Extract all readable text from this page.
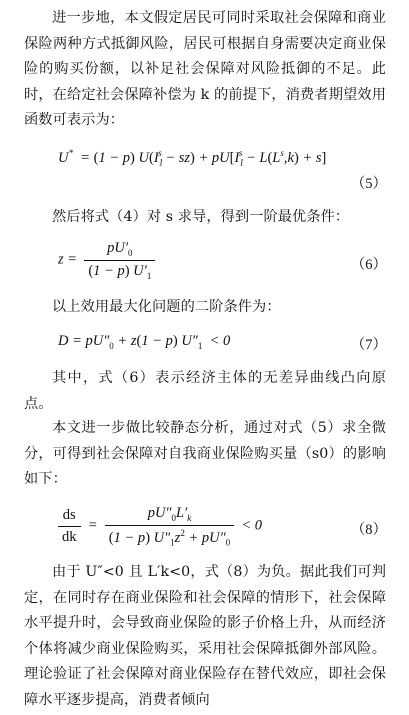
进一步地，本文假定居民可同时采取社会保障和商业保险两种方式抵御风险，居民可根据自身需要决定商业保险的购买份额，以补足社会保障对风险抵御的不足。此时，在给定社会保障补偿为 k 的前提下，消费者期望效用函数可表示为：
U*  = (1 − p) $U(I_1^s - sz) + pU[I_1^s - L(L^s,k) + s]$
（5）
然后将式（4）对 s 求导，得到一阶最优条件：
$z = \frac{pU'_0}{(1 - p) U'_1}$	（6）
以上效用最大化问题的二阶条件为：
$D = pU''_0 + z(1 - p) U''_1 < 0$	（7）
其中，式（6）表示经济主体的无差异曲线凸向原点。
本文进一步做比较静态分析，通过对式（5）求全微分，可得到社会保障对自我商业保险购买量（s0）的影响如下：
$\frac{ds}{dk} = \frac{pU''_0L'_k}{(1 - p) U''_1z^2 + pU''_0} < 0$	（8）
由于 U″<0 且 L′k<0，式（8）为负。据此我们可判定，在同时存在商业保险和社会保障的情形下，社会保障水平提升时，会导致商业保险的影子价格上升，从而经济个体将减少商业保险购买，采用社会保障抵御外部风险。理论验证了社会保障对商业保险存在替代效应，即社会保障水平逐步提高，消费者倾向
